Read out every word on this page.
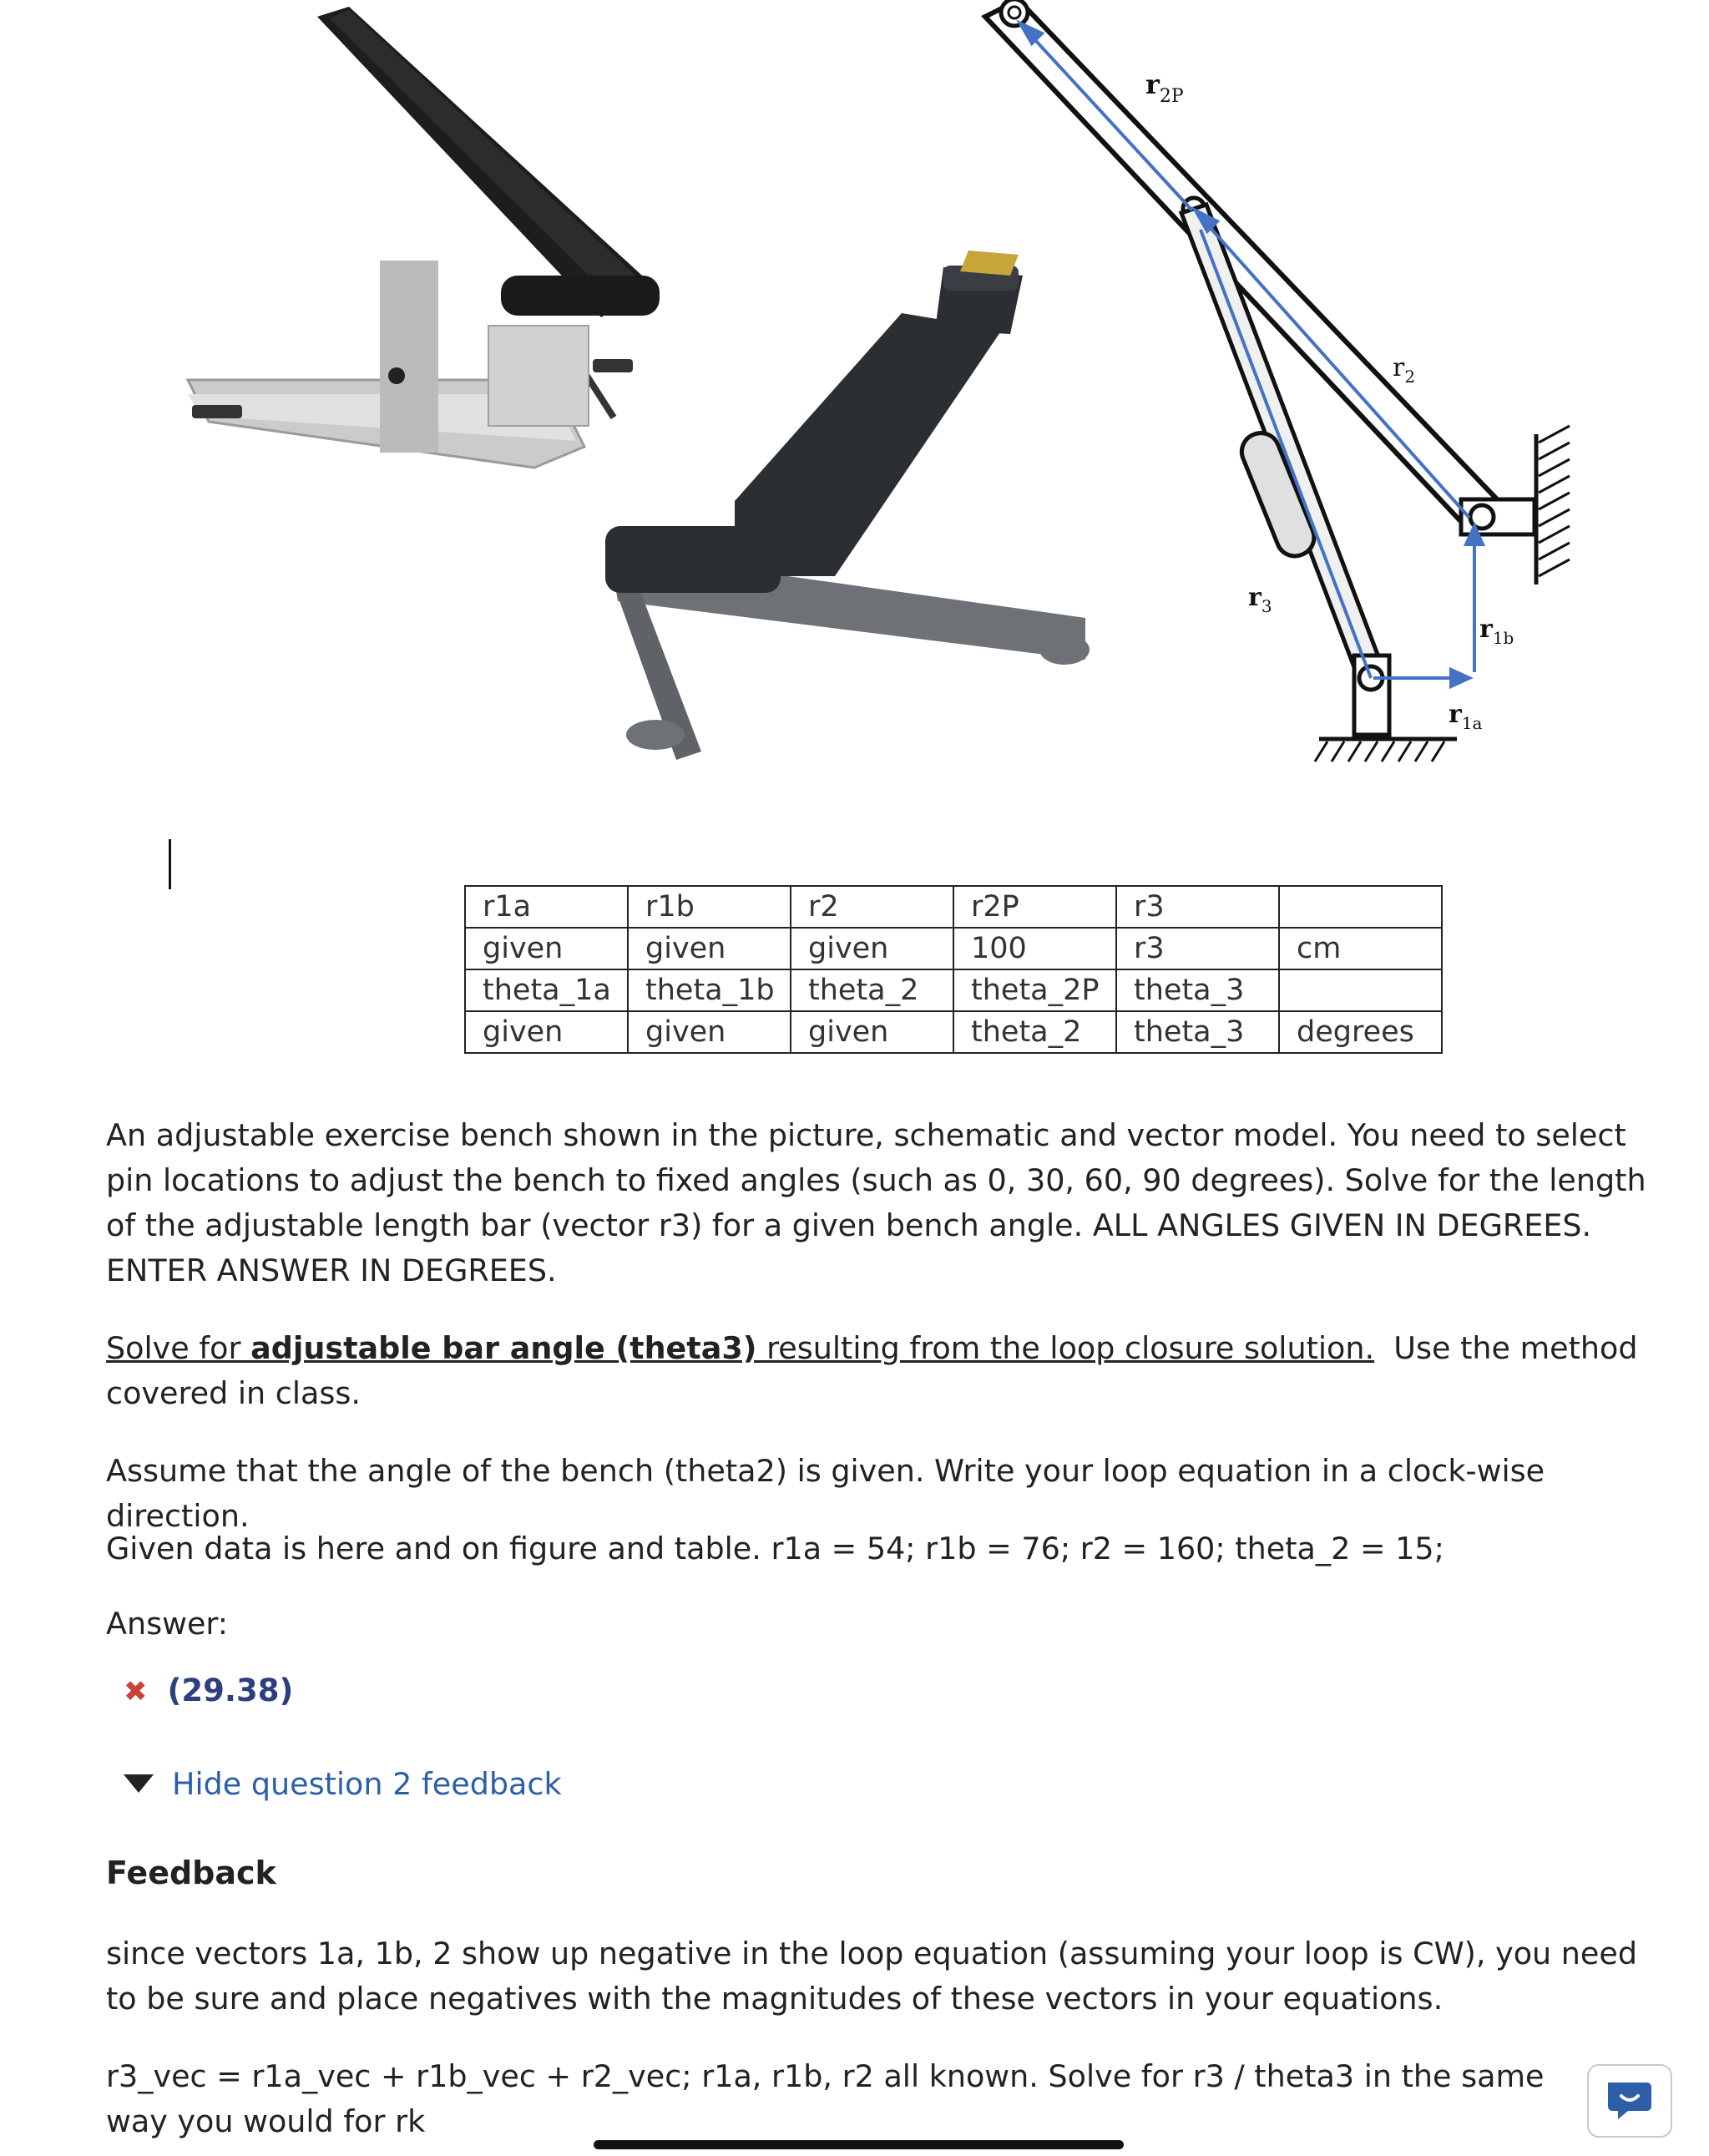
$r_{2P}$
$r_2$
$r_3$
$r_{1b}$
$r_{1a}$
r1a	r1b	r2	r2P	r3	
given	given	given	100	r3	cm
theta_1a	theta_1b	theta_2	theta_2P	theta_3	
given	given	given	theta_2	theta_3	degrees
An adjustable exercise bench shown in the picture, schematic and vector model. You need to select pin locations to adjust the bench to fixed angles (such as 0, 30, 60, 90 degrees). Solve for the length of the adjustable length bar (vector r3) for a given bench angle. ALL ANGLES GIVEN IN DEGREES. ENTER ANSWER IN DEGREES.
Solve for adjustable bar angle (theta3) resulting from the loop closure solution.  Use the method covered in class.
Assume that the angle of the bench (theta2) is given. Write your loop equation in a clock-wise direction.
Given data is here and on figure and table. r1a = 54; r1b = 76; r2 = 160; theta_2 = 15;
Answer:
✖ (29.38)
Hide question 2 feedback
Feedback
since vectors 1a, 1b, 2 show up negative in the loop equation (assuming your loop is CW), you need to be sure and place negatives with the magnitudes of these vectors in your equations.
r3_vec = r1a_vec + r1b_vec + r2_vec; r1a, r1b, r2 all known. Solve for r3 / theta3 in the same way you would for rk
